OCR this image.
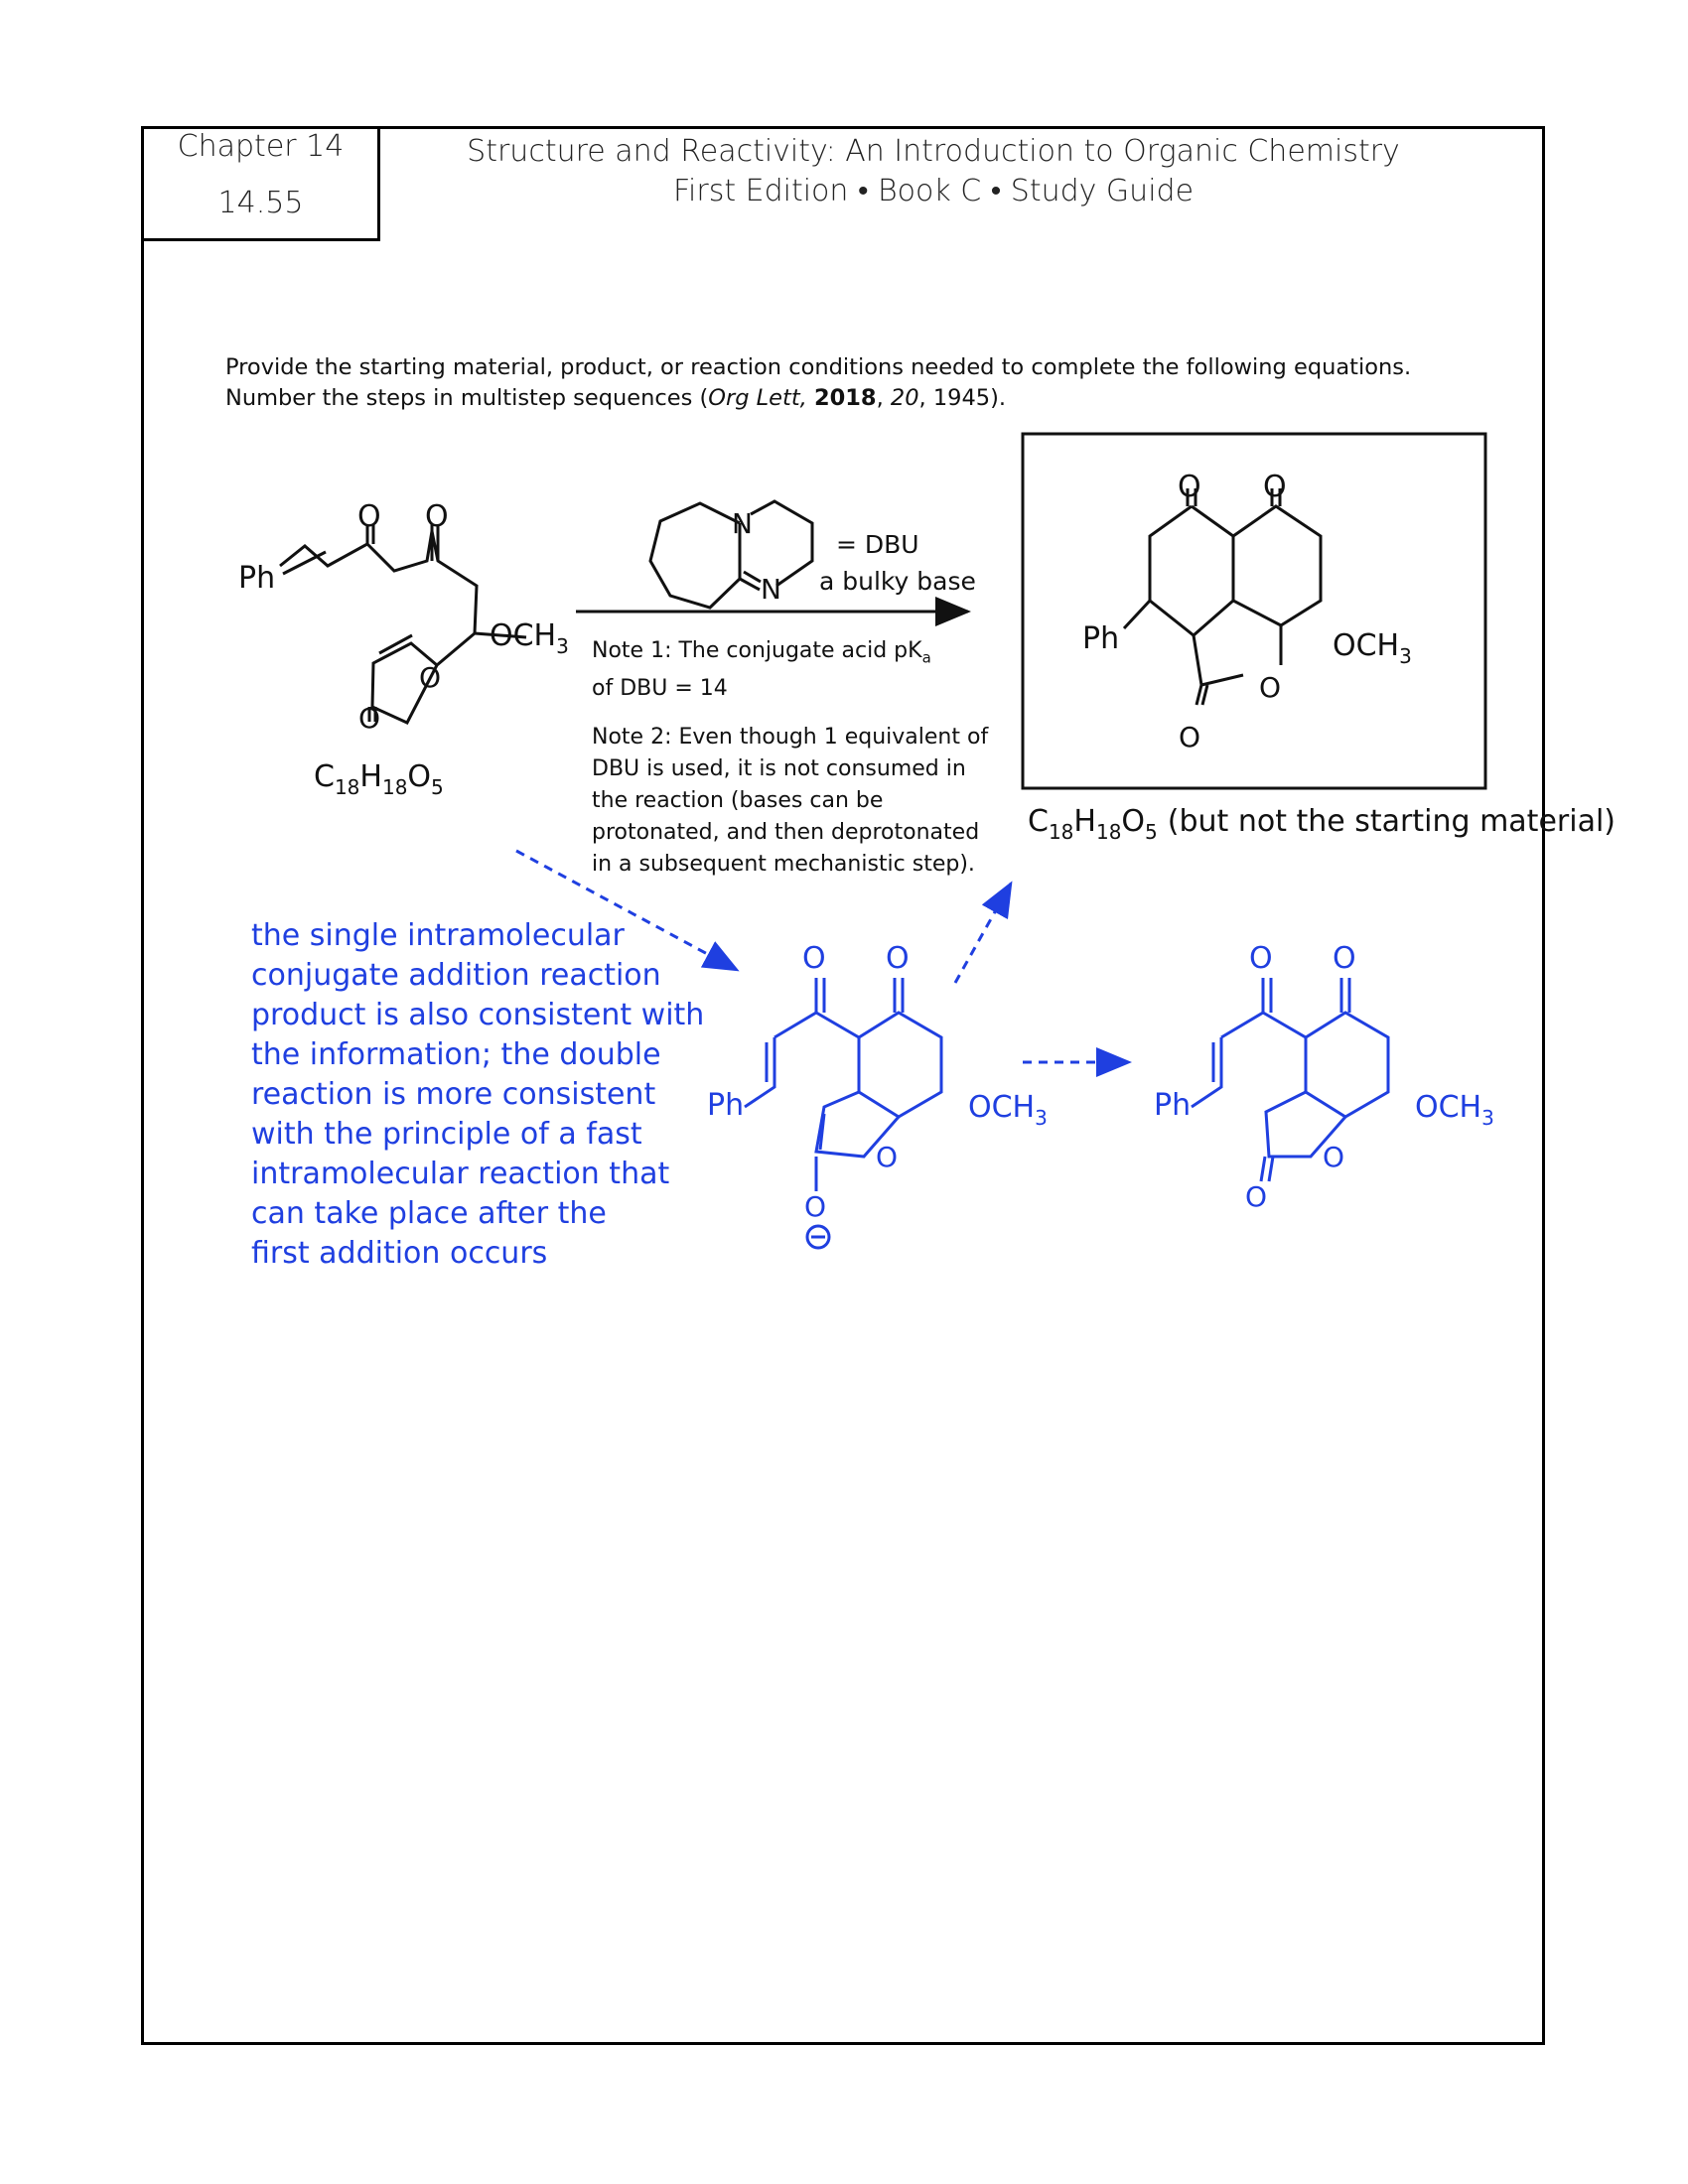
Chapter 14
14.55
Structure and Reactivity: An Introduction to Organic Chemistry
First Edition • Book C • Study Guide
Provide the starting material, product, or reaction conditions needed to complete the following equations.
Number the steps in multistep sequences (Org Lett, 2018, 20, 1945).
Note 1: The conjugate acid $pK_a$
of DBU = 14
Note 2: Even though 1 equivalent of
DBU is used, it is not consumed in
the reaction (bases can be
protonated, and then deprotonated
in a subsequent mechanistic step).
the single intramolecular
conjugate addition reaction
product is also consistent with
the information; the double
reaction is more consistent
with the principle of a fast
intramolecular reaction that
can take place after the
first addition occurs
Ph
O O
$OCH_3$
O
O
$C_{18}H_{18}O_5$
N
N
= DBU
a bulky base
O O
Ph	$OCH_3$
O
O
$C_{18}H_{18}O_5$ (but not the starting material)
O O
Ph	$OCH_3$
O
O
O O
Ph	$OCH_3$
O
O
